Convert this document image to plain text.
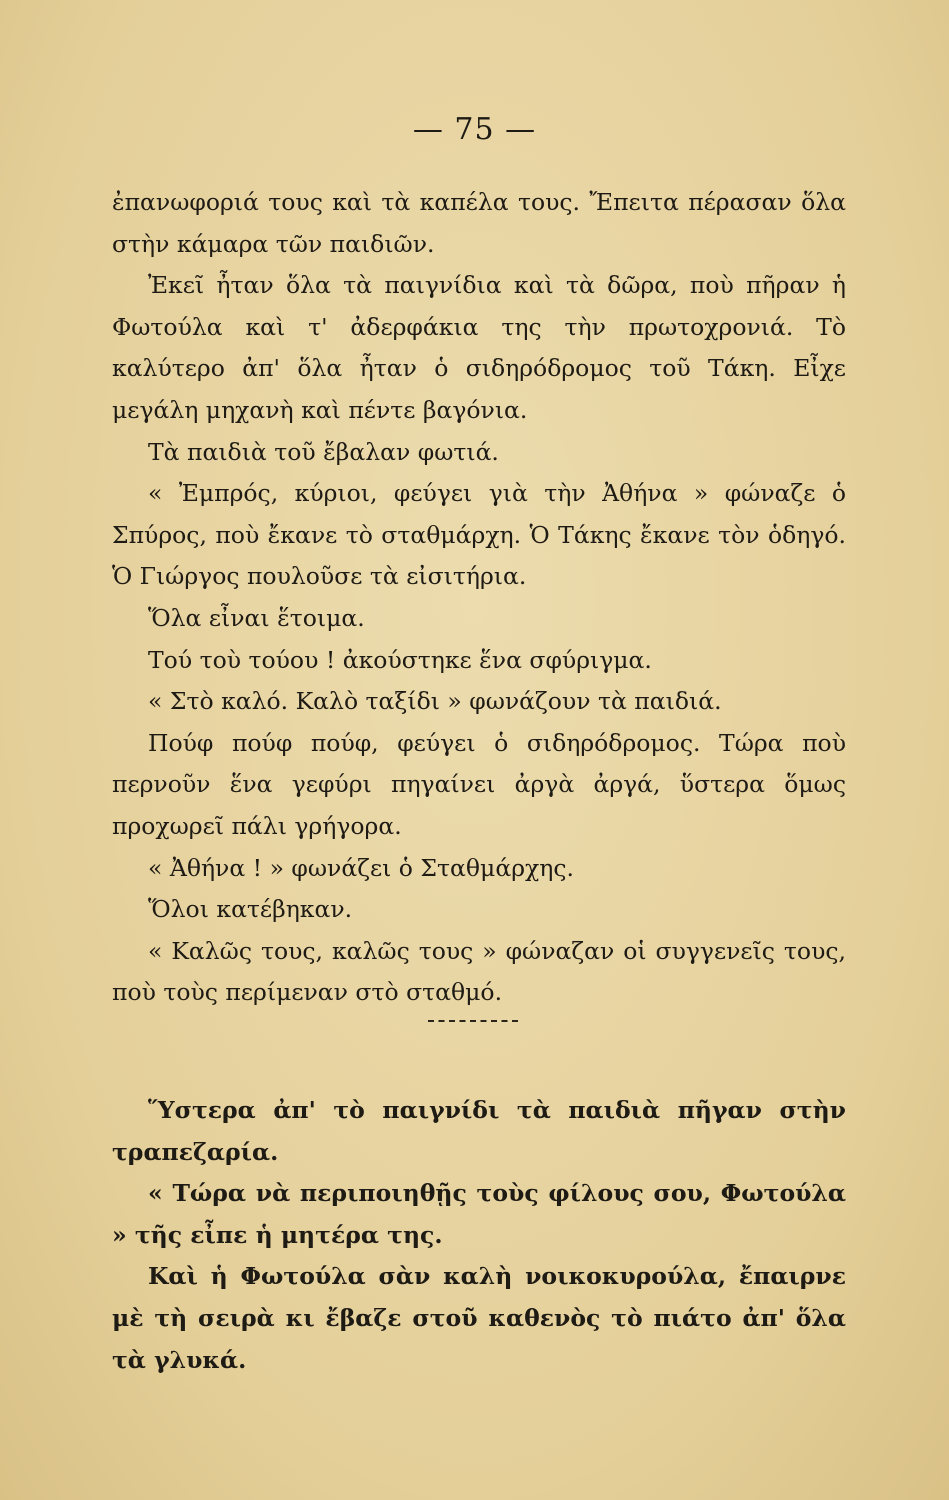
— 75 —

ἐπανωφοριά τους καὶ τὰ καπέλα τους. Ἔπειτα πέρασαν ὅλα στὴν κάμαρα τῶν παιδιῶν.

Ἐκεῖ ἦταν ὅλα τὰ παιγνίδια καὶ τὰ δῶρα, ποὺ πῆραν ἡ Φωτούλα καὶ τ' ἀδερφάκια της τὴν πρωτοχρονιά. Τὸ καλύτερο ἀπ' ὅλα ἦταν ὁ σιδηρόδρομος τοῦ Τάκη. Εἶχε μεγάλη μηχανὴ καὶ πέντε βαγόνια.

Τὰ παιδιὰ τοῦ ἔβαλαν φωτιά.

« Ἐμπρός, κύριοι, φεύγει γιὰ τὴν Ἀθήνα » φώναζε ὁ Σπύρος, ποὺ ἔκανε τὸ σταθμάρχη. Ὁ Τάκης ἔκανε τὸν ὁδηγό. Ὁ Γιώργος πουλοῦσε τὰ εἰσιτήρια.

Ὅλα εἶναι ἕτοιμα.

Τού τοὺ τούου ! ἀκούστηκε ἕνα σφύριγμα.

« Στὸ καλό. Καλὸ ταξίδι » φωνάζουν τὰ παιδιά.

Πούφ πούφ πούφ, φεύγει ὁ σιδηρόδρομος. Τώρα ποὺ περνοῦν ἕνα γεφύρι πηγαίνει ἀργὰ ἀργά, ὕστερα ὅμως προχωρεῖ πάλι γρήγορα.

« Ἀθήνα ! » φωνάζει ὁ Σταθμάρχης.

Ὅλοι κατέβηκαν.

« Καλῶς τους, καλῶς τους » φώναζαν οἱ συγγενεῖς τους, ποὺ τοὺς περίμεναν στὸ σταθμό.

Ὕστερα ἀπ' τὸ παιγνίδι τὰ παιδιὰ πῆγαν στὴν τραπεζαρία.

« Τώρα νὰ περιποιηθῇς τοὺς φίλους σου, Φωτούλα » τῆς εἶπε ἡ μητέρα της.

Καὶ ἡ Φωτούλα σὰν καλὴ νοικοκυρούλα, ἔπαιρνε μὲ τὴ σειρὰ κι ἔβαζε στοῦ καθενὸς τὸ πιάτο ἀπ' ὅλα τὰ γλυκά.
